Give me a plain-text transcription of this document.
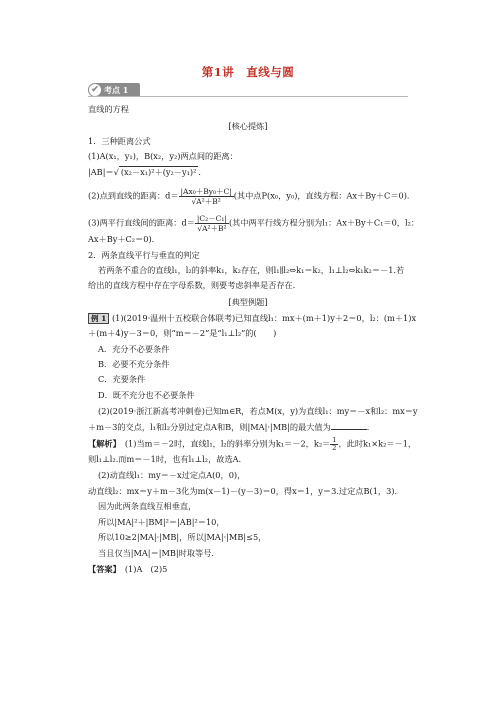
第1讲　直线与圆
✔ 考点 1
直线的方程
[核心提炼]
1．三种距离公式
(1)A(x₁，y₁)，B(x₂，y₂)两点间的距离：
|AB|＝√ (x₂－x₁)²＋(y₂－y₁)² ．
(2)点到直线的距离：$d= \frac{\text{|Ax₀＋By₀＋C|}}{\text{√A²＋B²}}$ (其中点P(x₀，y₀)，直线方程：Ax＋By＋C＝0)．
(3)两平行直线间的距离：$d= \frac{\text{|C₂－C₁|}}{\text{√A²＋B²}}$ (其中两平行线方程分别为l₁：Ax＋By＋C₁＝0，l₂：
Ax＋By＋C₂＝0)．
2．两条直线平行与垂直的判定
若两条不重合的直线l₁，l₂的斜率k₁，k₂存在，则l₁∥l₂⇔k₁＝k₂，l₁⊥l₂⇔k₁k₂＝－1.若
给出的直线方程中存在字母系数，则要考虑斜率是否存在．
[典型例题]
例 1 (1)(2019·温州十五校联合体联考)已知直线l₁：mx＋(m＋1)y＋2＝0，l₂：(m＋1)x
＋(m＋4)y－3＝0，则“m＝－2”是“l₁⊥l₂”的(　　)
A．充分不必要条件
B．必要不充分条件
C．充要条件
D．既不充分也不必要条件
(2)(2019·浙江新高考冲刺卷)已知m∈R，若点M(x，y)为直线l₁：my＝－x和l₂：mx＝y
＋m－3的交点，l₁和l₂分别过定点A和B，则|MA|·|MB|的最大值为	．
【解析】　(1)当m＝－2时，直线l₁，l₂的斜率分别为k₁＝－2，$k_2= \frac{1}{2}$ ，此时k₁×k₂＝－1，
则l₁⊥l₂.而m＝－1时，也有l₁⊥l₂，故选A.
(2)动直线l₁：my＝－x过定点A(0，0)，
动直线l₂：mx＝y＋m－3化为m(x－1)－(y－3)＝0，得x＝1，y＝3.过定点B(1，3)．
因为此两条直线互相垂直，
所以|MA|²＋|BM|²＝|AB|²＝10，
所以10≥2|MA|·|MB|，所以|MA|·|MB|≤5，
当且仅当|MA|＝|MB|时取等号．
【答案】　(1)A　(2)5
